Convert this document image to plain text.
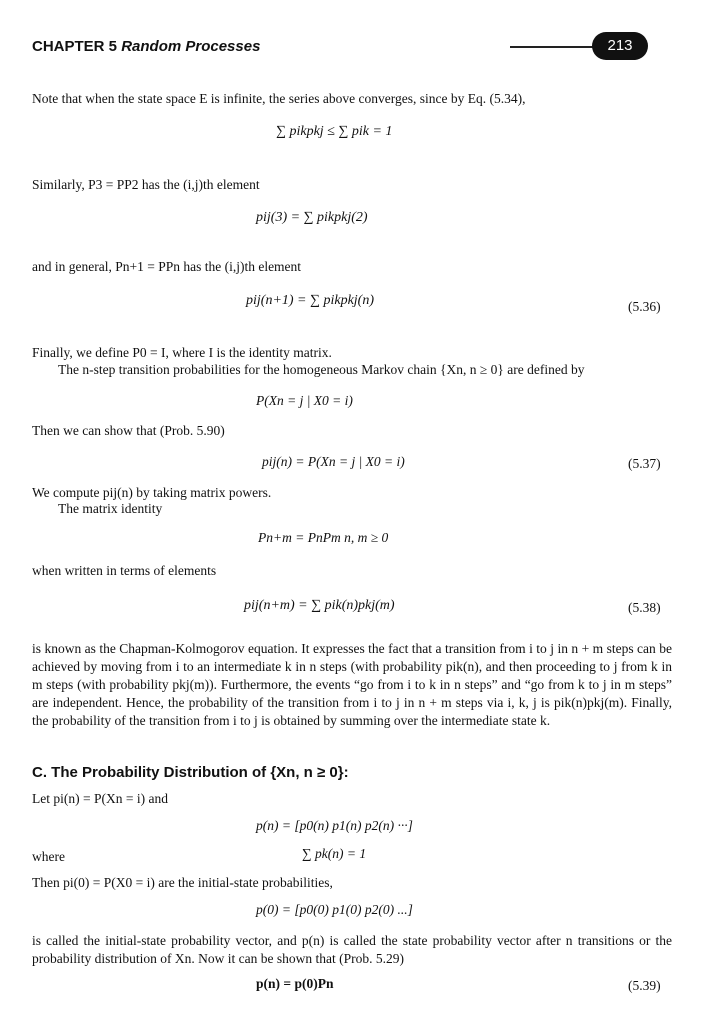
CHAPTER 5 Random Processes	213
Note that when the state space E is infinite, the series above converges, since by Eq. (5.34),
∑ pikpkj ≤ ∑ pik = 1
Similarly, P3 = PP2 has the (i,j)th element
pij(3) = ∑ pikpkj(2)
and in general, Pn+1 = PPn has the (i,j)th element
pij(n+1) = ∑ pikpkj(n)	(5.36)
Finally, we define P0 = I, where I is the identity matrix.
The n-step transition probabilities for the homogeneous Markov chain {Xn, n ≥ 0} are defined by
P(Xn = j | X0 = i)
Then we can show that (Prob. 5.90)
pij(n) = P(Xn = j | X0 = i)	(5.37)
We compute pij(n) by taking matrix powers.
The matrix identity
Pn+m = PnPm n, m ≥ 0
when written in terms of elements
pij(n+m) = ∑ pik(n)pkj(m)	(5.38)
is known as the Chapman-Kolmogorov equation. It expresses the fact that a transition from i to j in n + m steps can be achieved by moving from i to an intermediate k in n steps (with probability pik(n), and then proceeding to j from k in m steps (with probability pkj(m)). Furthermore, the events “go from i to k in n steps” and “go from k to j in m steps” are independent. Hence, the probability of the transition from i to j in n + m steps via i, k, j is pik(n)pkj(m). Finally, the probability of the transition from i to j is obtained by summing over the intermediate state k.
C. The Probability Distribution of {Xn, n ≥ 0}:
Let pi(n) = P(Xn = i) and
p(n) = [p0(n) p1(n) p2(n) ···]
where	∑ pk(n) = 1
Then pi(0) = P(X0 = i) are the initial-state probabilities,
p(0) = [p0(0) p1(0) p2(0) ...]
is called the initial-state probability vector, and p(n) is called the state probability vector after n transitions or the probability distribution of Xn. Now it can be shown that (Prob. 5.29)
p(n) = p(0)Pn	(5.39)
